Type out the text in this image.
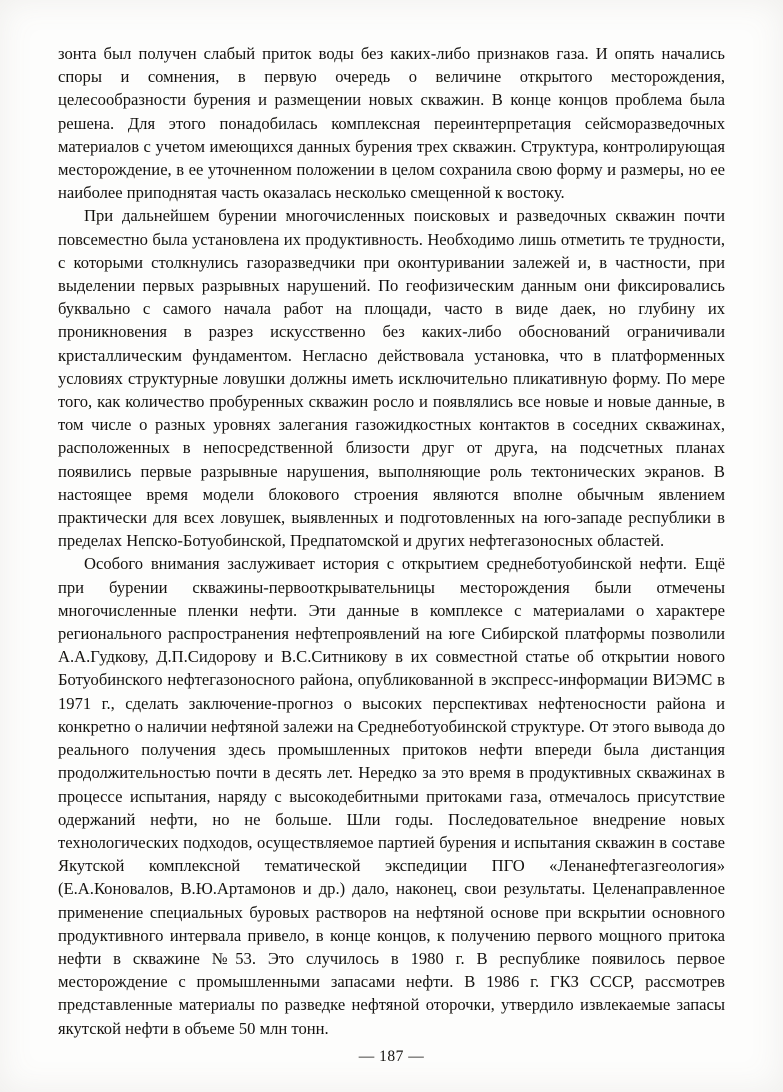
зонта был получен слабый приток воды без каких-либо признаков газа. И опять начались споры и сомнения, в первую очередь о величине открытого месторождения, целесообразности бурения и размещении новых скважин. В конце концов проблема была решена. Для этого понадобилась комплексная переинтерпретация сейсморазведочных материалов с учетом имеющихся данных бурения трех скважин. Структура, контролирующая месторождение, в ее уточненном положении в целом сохранила свою форму и размеры, но ее наиболее приподнятая часть оказалась несколько смещенной к востоку.

При дальнейшем бурении многочисленных поисковых и разведочных скважин почти повсеместно была установлена их продуктивность. Необходимо лишь отметить те трудности, с которыми столкнулись газоразведчики при оконтуривании залежей и, в частности, при выделении первых разрывных нарушений. По геофизическим данным они фиксировались буквально с самого начала работ на площади, часто в виде даек, но глубину их проникновения в разрез искусственно без каких-либо обоснований ограничивали кристаллическим фундаментом. Негласно действовала установка, что в платформенных условиях структурные ловушки должны иметь исключительно пликативную форму. По мере того, как количество пробуренных скважин росло и появлялись все новые и новые данные, в том числе о разных уровнях залегания газожидкостных контактов в соседних скважинах, расположенных в непосредственной близости друг от друга, на подсчетных планах появились первые разрывные нарушения, выполняющие роль тектонических экранов. В настоящее время модели блокового строения являются вполне обычным явлением практически для всех ловушек, выявленных и подготовленных на юго-западе республики в пределах Непско-Ботуобинской, Предпатомской и других нефтегазоносных областей.

Особого внимания заслуживает история с открытием среднеботуобинской нефти. Ещё при бурении скважины-первооткрывательницы месторождения были отмечены многочисленные пленки нефти. Эти данные в комплексе с материалами о характере регионального распространения нефтепроявлений на юге Сибирской платформы позволили А.А.Гудкову, Д.П.Сидорову и В.С.Ситникову в их совместной статье об открытии нового Ботуобинского нефтегазоносного района, опубликованной в экспресс-информации ВИЭМС в 1971 г., сделать заключение-прогноз о высоких перспективах нефтеносности района и конкретно о наличии нефтяной залежи на Среднеботуобинской структуре. От этого вывода до реального получения здесь промышленных притоков нефти впереди была дистанция продолжительностью почти в десять лет. Нередко за это время в продуктивных скважинах в процессе испытания, наряду с высокодебитными притоками газа, отмечалось присутствие одержаний нефти, но не больше. Шли годы. Последовательное внедрение новых технологических подходов, осуществляемое партией бурения и испытания скважин в составе Якутской комплексной тематической экспедиции ПГО «Ленанефтегазгеология» (Е.А.Коновалов, В.Ю.Артамонов и др.) дало, наконец, свои результаты. Целенаправленное применение специальных буровых растворов на нефтяной основе при вскрытии основного продуктивного интервала привело, в конце концов, к получению первого мощного притока нефти в скважине №53. Это случилось в 1980 г. В республике появилось первое месторождение с промышленными запасами нефти. В 1986 г. ГКЗ СССР, рассмотрев представленные материалы по разведке нефтяной оторочки, утвердило извлекаемые запасы якутской нефти в объеме 50 млн тонн.

— 187 —
